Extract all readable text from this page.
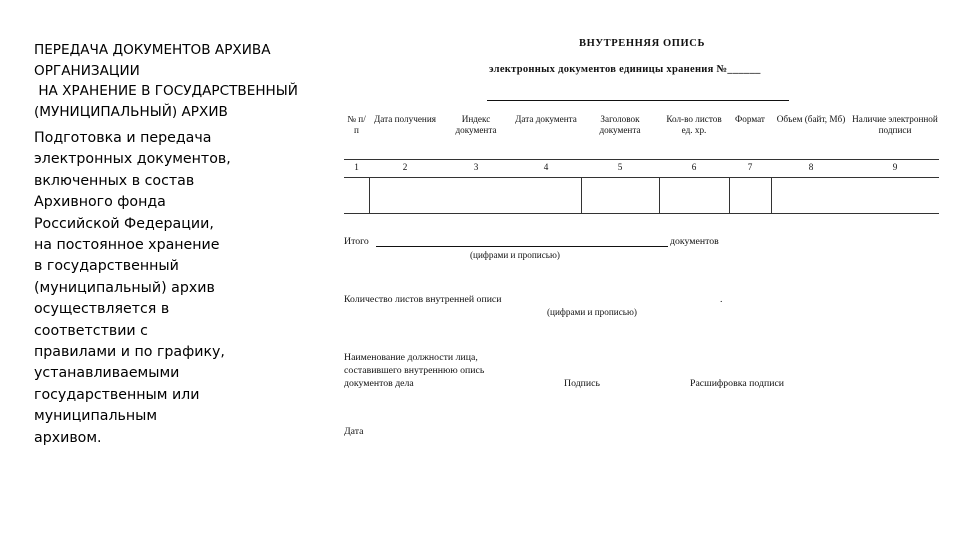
ПЕРЕДАЧА ДОКУМЕНТОВ АРХИВА
ОРГАНИЗАЦИИ
НА ХРАНЕНИЕ В ГОСУДАРСТВЕННЫЙ
(МУНИЦИПАЛЬНЫЙ) АРХИВ
Подготовка и передача
электронных документов,
включенных в состав
Архивного фонда
Российской Федерации,
на постоянное хранение
в государственный
(муниципальный) архив
осуществляется в
соответствии с
правилами и по графику,
устанавливаемыми
государственным или
муниципальным
архивом.
ВНУТРЕННЯЯ ОПИСЬ
электронных документов единицы хранения №______
№ п/п	Дата получения	Индекс документа	Дата документа	Заголовок документа	Кол-во листов ед. хр.	Формат	Объем (байт, Мб)	Наличие электронной подписи
1	2	3	4	5	6	7	8	9

Итого	документов
(цифрами и прописью)
Количество листов внутренней описи	.
(цифрами и прописью)
Наименование должности лица,
составившего внутреннюю опись
документов дела	Подпись	Расшифровка подписи
Дата
